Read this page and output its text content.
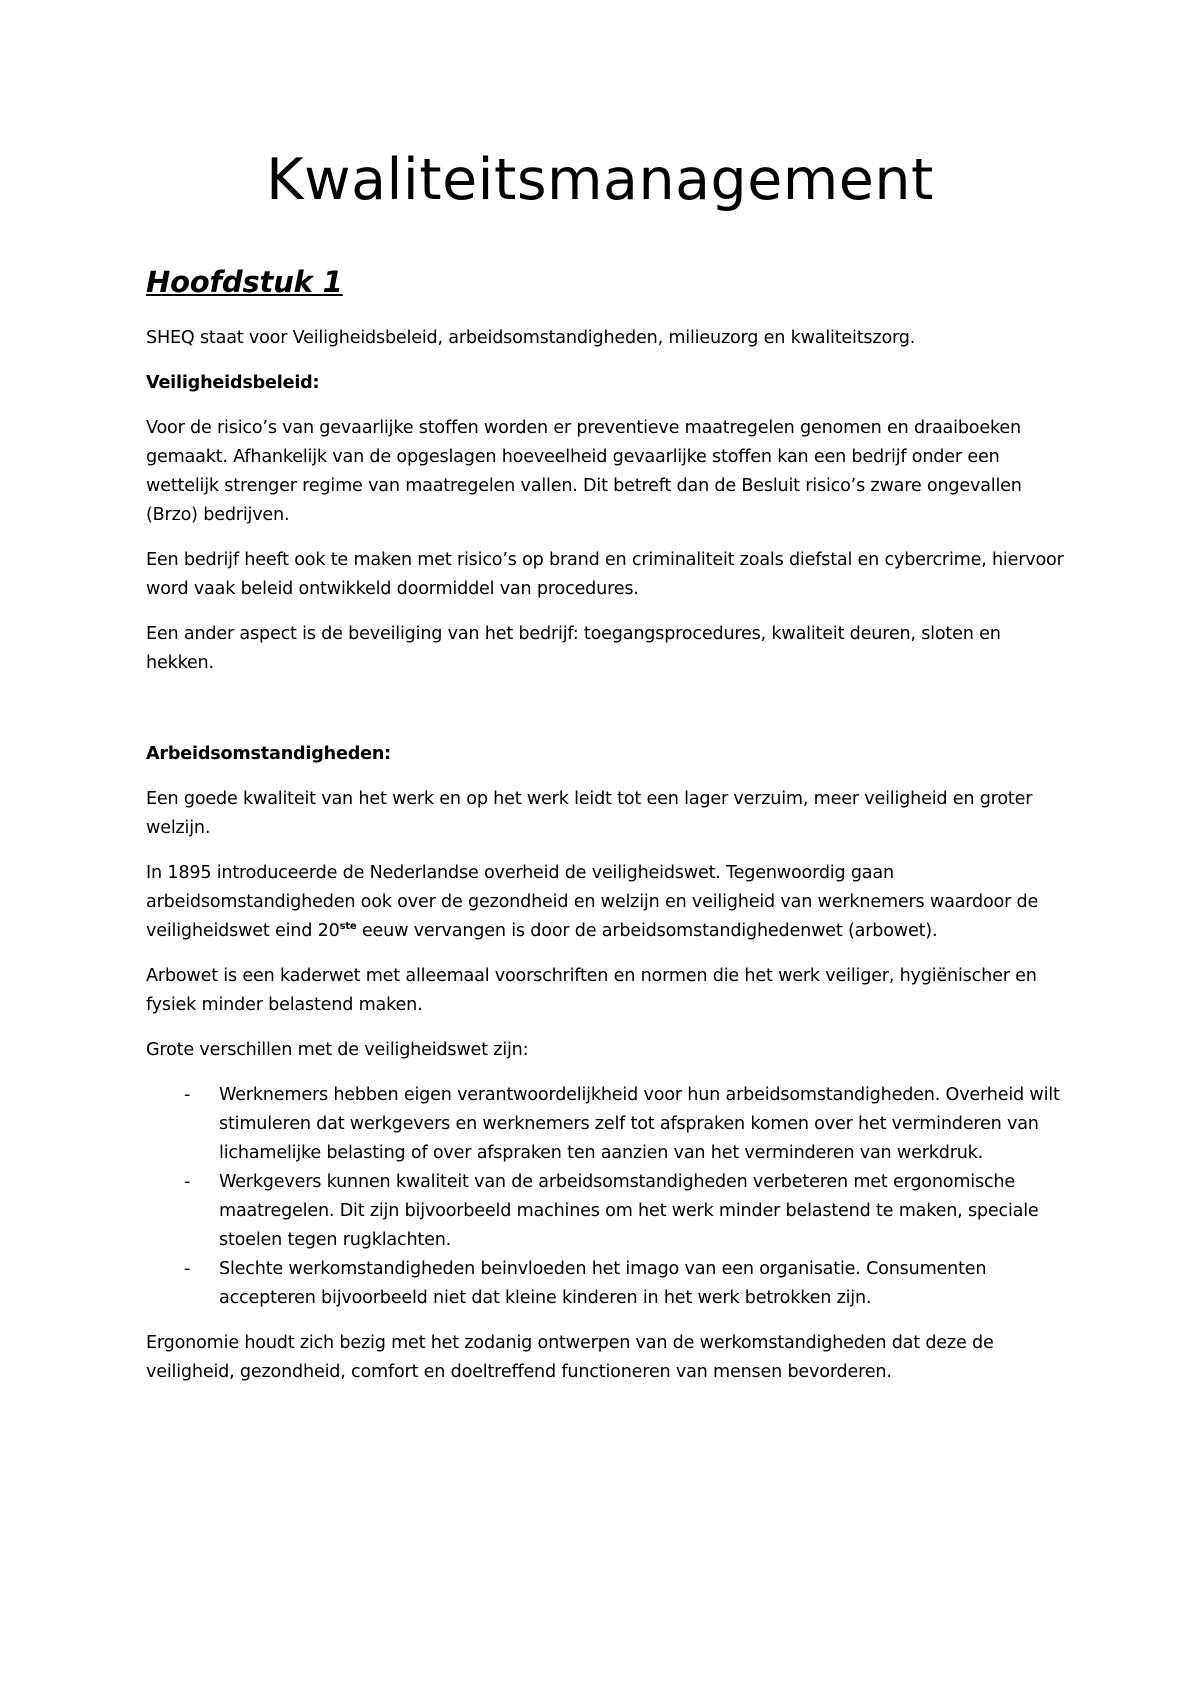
Kwaliteitsmanagement
Hoofdstuk 1

SHEQ staat voor Veiligheidsbeleid, arbeidsomstandigheden, milieuzorg en kwaliteitszorg.

Veiligheidsbeleid:

Voor de risico’s van gevaarlijke stoffen worden er preventieve maatregelen genomen en draaiboeken gemaakt. Afhankelijk van de opgeslagen hoeveelheid gevaarlijke stoffen kan een bedrijf onder een wettelijk strenger regime van maatregelen vallen. Dit betreft dan de Besluit risico’s zware ongevallen (Brzo) bedrijven.

Een bedrijf heeft ook te maken met risico’s op brand en criminaliteit zoals diefstal en cybercrime, hiervoor word vaak beleid ontwikkeld doormiddel van procedures.

Een ander aspect is de beveiliging van het bedrijf: toegangsprocedures, kwaliteit deuren, sloten en hekken.

Arbeidsomstandigheden:

Een goede kwaliteit van het werk en op het werk leidt tot een lager verzuim, meer veiligheid en groter welzijn.

In 1895 introduceerde de Nederlandse overheid de veiligheidswet. Tegenwoordig gaan arbeidsomstandigheden ook over de gezondheid en welzijn en veiligheid van werknemers waardoor de veiligheidswet eind 20ste eeuw vervangen is door de arbeidsomstandighedenwet (arbowet).

Arbowet is een kaderwet met alleemaal voorschriften en normen die het werk veiliger, hygiënischer en fysiek minder belastend maken.

Grote verschillen met de veiligheidswet zijn:

- Werknemers hebben eigen verantwoordelijkheid voor hun arbeidsomstandigheden. Overheid wilt stimuleren dat werkgevers en werknemers zelf tot afspraken komen over het verminderen van lichamelijke belasting of over afspraken ten aanzien van het verminderen van werkdruk.
- Werkgevers kunnen kwaliteit van de arbeidsomstandigheden verbeteren met ergonomische maatregelen. Dit zijn bijvoorbeeld machines om het werk minder belastend te maken, speciale stoelen tegen rugklachten.
- Slechte werkomstandigheden beinvloeden het imago van een organisatie. Consumenten accepteren bijvoorbeeld niet dat kleine kinderen in het werk betrokken zijn.

Ergonomie houdt zich bezig met het zodanig ontwerpen van de werkomstandigheden dat deze de veiligheid, gezondheid, comfort en doeltreffend functioneren van mensen bevorderen.
